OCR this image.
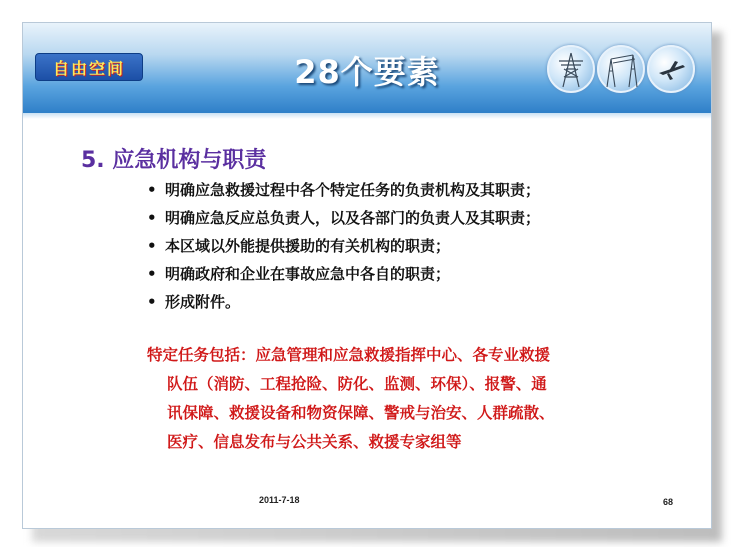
自由空间	28个要素
5. 应急机构与职责
• 明确应急救援过程中各个特定任务的负责机构及其职责；
• 明确应急反应总负责人，以及各部门的负责人及其职责；
• 本区域以外能提供援助的有关机构的职责；
• 明确政府和企业在事故应急中各自的职责；
• 形成附件。
特定任务包括：应急管理和应急救援指挥中心、各专业救援
队伍（消防、工程抢险、防化、监测、环保）、报警、通
讯保障、救援设备和物资保障、警戒与治安、人群疏散、
医疗、信息发布与公共关系、救援专家组等
2011-7-18	68
